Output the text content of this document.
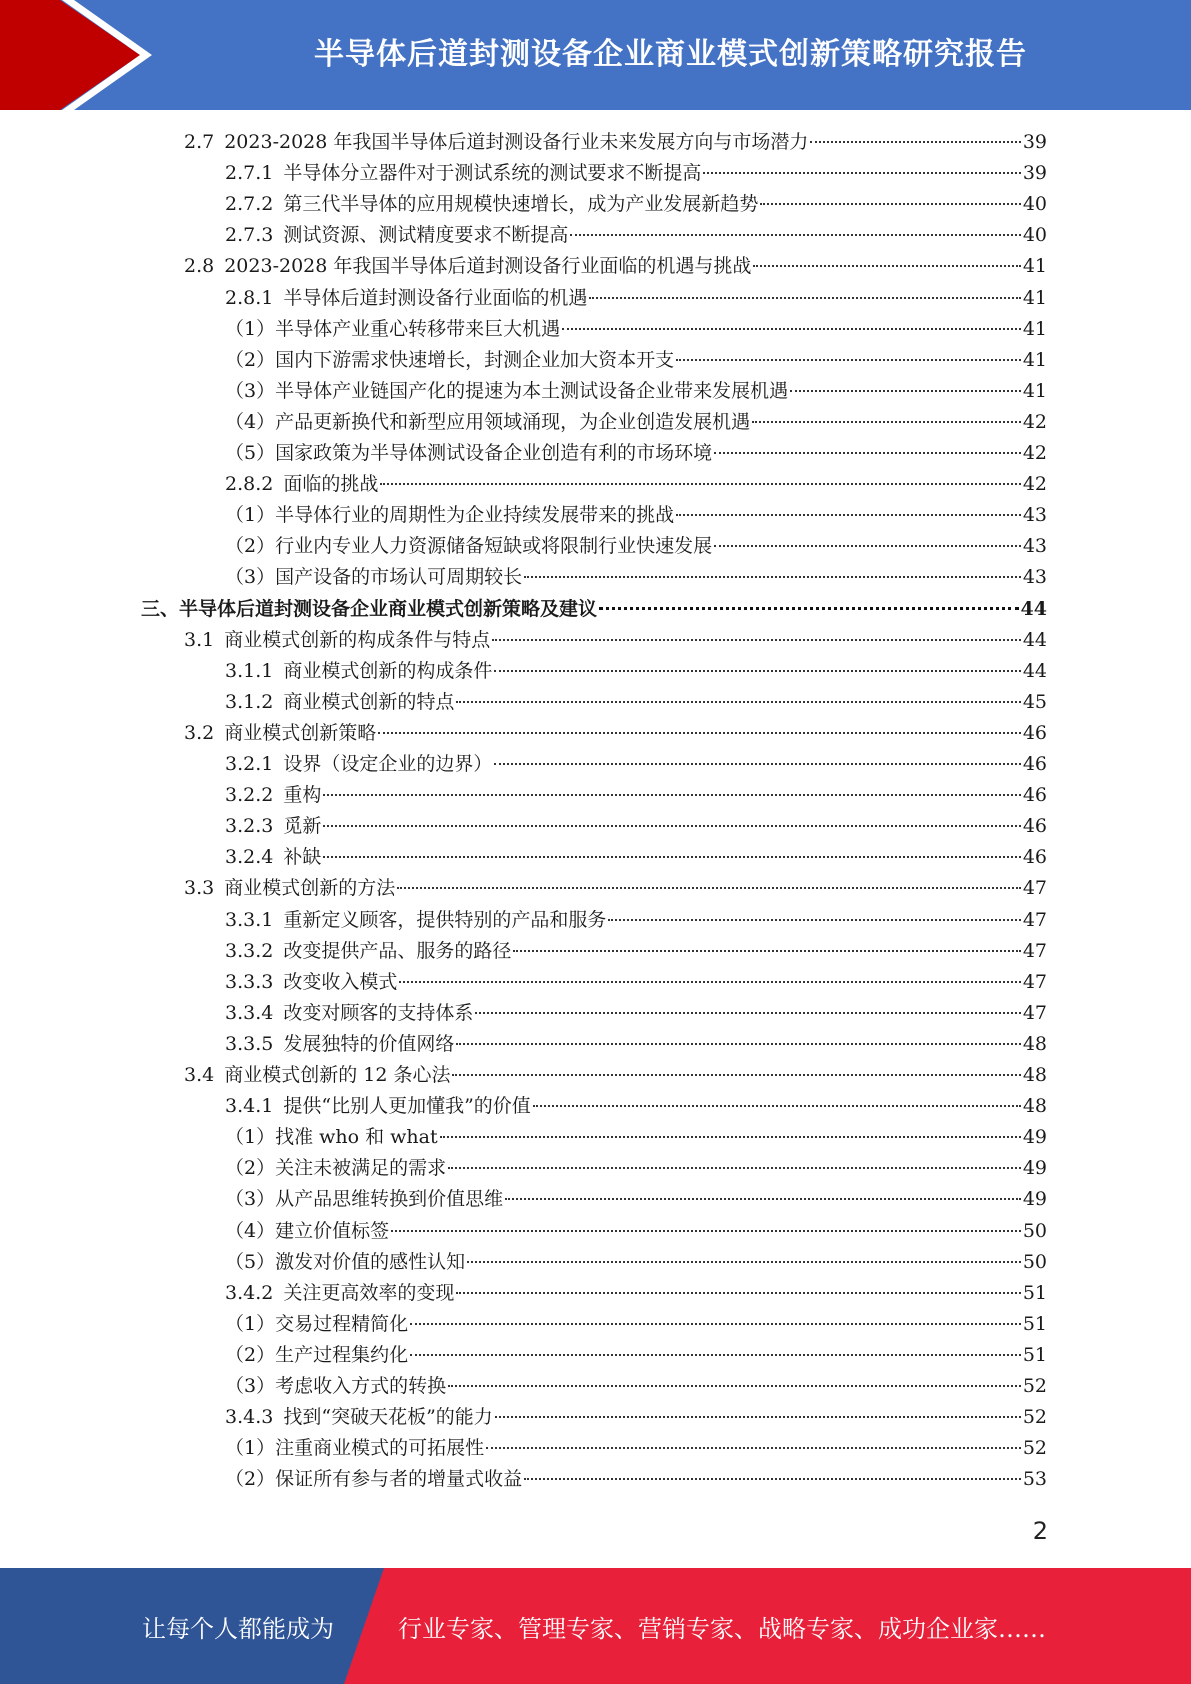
半导体后道封测设备企业商业模式创新策略研究报告
2.7 2023-2028 年我国半导体后道封测设备行业未来发展方向与市场潜力	39
2.7.1 半导体分立器件对于测试系统的测试要求不断提高	39
2.7.2 第三代半导体的应用规模快速增长，成为产业发展新趋势	40
2.7.3 测试资源、测试精度要求不断提高	40
2.8 2023-2028 年我国半导体后道封测设备行业面临的机遇与挑战	41
2.8.1 半导体后道封测设备行业面临的机遇	41
（1） 半导体产业重心转移带来巨大机遇	41
（2） 国内下游需求快速增长，封测企业加大资本开支	41
（3） 半导体产业链国产化的提速为本土测试设备企业带来发展机遇	41
（4） 产品更新换代和新型应用领域涌现，为企业创造发展机遇	42
（5） 国家政策为半导体测试设备企业创造有利的市场环境	42
2.8.2 面临的挑战	42
（1） 半导体行业的周期性为企业持续发展带来的挑战	43
（2） 行业内专业人力资源储备短缺或将限制行业快速发展	43
（3） 国产设备的市场认可周期较长	43
三、半导体后道封测设备企业商业模式创新策略及建议	44
3.1 商业模式创新的构成条件与特点	44
3.1.1 商业模式创新的构成条件	44
3.1.2 商业模式创新的特点	45
3.2 商业模式创新策略	46
3.2.1 设界（设定企业的边界）	46
3.2.2 重构	46
3.2.3 觅新	46
3.2.4 补缺	46
3.3 商业模式创新的方法	47
3.3.1 重新定义顾客，提供特别的产品和服务	47
3.3.2 改变提供产品、服务的路径	47
3.3.3 改变收入模式	47
3.3.4 改变对顾客的支持体系	47
3.3.5 发展独特的价值网络	48
3.4 商业模式创新的 12 条心法	48
3.4.1 提供“比别人更加懂我”的价值	48
（1） 找准 who 和 what	49
（2） 关注未被满足的需求	49
（3） 从产品思维转换到价值思维	49
（4） 建立价值标签	50
（5） 激发对价值的感性认知	50
3.4.2 关注更高效率的变现	51
（1） 交易过程精简化	51
（2） 生产过程集约化	51
（3） 考虑收入方式的转换	52
3.4.3 找到“突破天花板”的能力	52
（1） 注重商业模式的可拓展性	52
（2） 保证所有参与者的增量式收益	53
2
让每个人都能成为	行业专家、管理专家、营销专家、战略专家、成功企业家……
